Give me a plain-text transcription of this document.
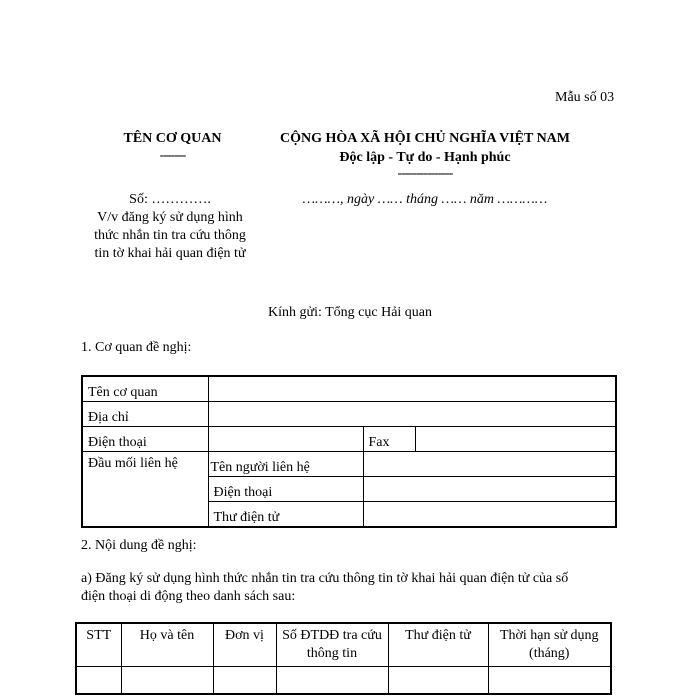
Mẫu số 03
TÊN CƠ QUAN
-------
CỘNG HÒA XÃ HỘI CHỦ NGHĨA VIỆT NAM
Độc lập - Tự do - Hạnh phúc
---------------
Số: ………….
V/v đăng ký sử dụng hình
thức nhắn tin tra cứu thông
tin tờ khai hải quan điện tử
………, ngày …… tháng …… năm …………
Kính gửi: Tổng cục Hải quan
1. Cơ quan đề nghị:
Tên cơ quan			
Địa chỉ			
Điện thoại		Fax	
Đầu mối liên hệ	Tên người liên hệ		
	Điện thoại		
	Thư điện tử		
2. Nội dung đề nghị:
a) Đăng ký sử dụng hình thức nhắn tin tra cứu thông tin tờ khai hải quan điện tử của số
điện thoại di động theo danh sách sau:
STT	Họ và tên	Đơn vị	Số ĐTDĐ tra cứu thông tin	Thư điện tử	Thời hạn sử dụng (tháng)
